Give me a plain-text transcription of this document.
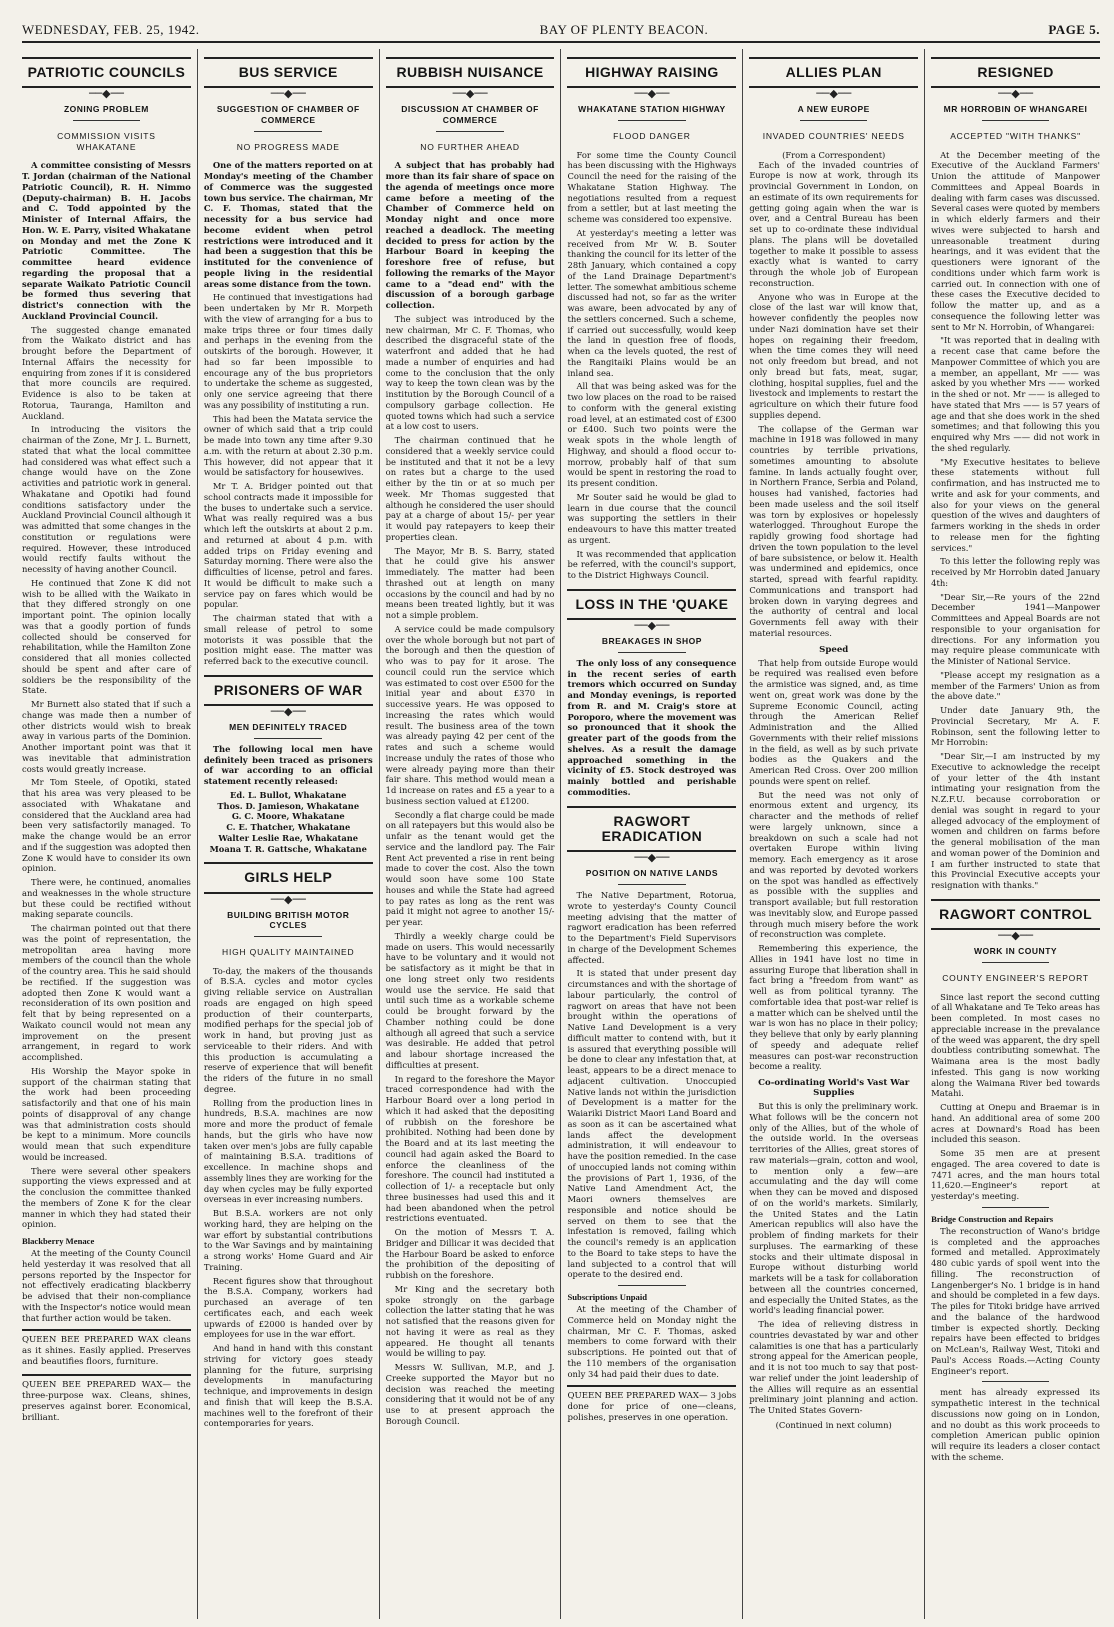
WEDNESDAY, FEB. 25, 1942.	BAY OF PLENTY BEACON.	PAGE 5.
PATRIOTIC COUNCILS
──◆──
ZONING PROBLEM
COMMISSION VISITS WHAKATANE

A committee consisting of Messrs T. Jordan (chairman of the National Patriotic Council), R. H. Nimmo (Deputy-chairman) B. H. Jacobs and C. Todd appointed by the Minister of Internal Affairs, the Hon. W. E. Parry, visited Whakatane on Monday and met the Zone K Patriotic Committee. The committee heard evidence regarding the proposal that a separate Waikato Patriotic Council be formed thus severing that district's connection with the Auckland Provincial Council.

The suggested change emanated from the Waikato district and has brought before the Department of Internal Affairs the necessity for enquiring from zones if it is considered that more councils are required. Evidence is also to be taken at Rotorua, Tauranga, Hamilton and Auckland.

In introducing the visitors the chairman of the Zone, Mr J. L. Burnett, stated that what the local committee had considered was what effect such a change would have on the Zone activities and patriotic work in general. Whakatane and Opotiki had found conditions satisfactory under the Auckland Provincial Council although it was admitted that some changes in the constitution or regulations were required. However, these introduced would rectify faults without the necessity of having another Council.

He continued that Zone K did not wish to be allied with the Waikato in that they differed strongly on one important point. The opinion locally was that a goodly portion of funds collected should be conserved for rehabilitation, while the Hamilton Zone considered that all monies collected should be spent and after care of soldiers be the responsibility of the State.

Mr Burnett also stated that if such a change was made then a number of other districts would wish to break away in various parts of the Dominion. Another important point was that it was inevitable that administration costs would greatly increase.

Mr Tom Steele, of Opotiki, stated that his area was very pleased to be associated with Whakatane and considered that the Auckland area had been very satisfactorily managed. To make the change would be an error and if the suggestion was adopted then Zone K would have to consider its own opinion.

There were, he continued, anomalies and weaknesses in the whole structure but these could be rectified without making separate councils.

The chairman pointed out that there was the point of representation, the metropolitan area having more members of the council than the whole of the country area. This he said should be rectified. If the suggestion was adopted then Zone K would want a reconsideration of its own position and felt that by being represented on a Waikato council would not mean any improvement on the present arrangement, in regard to work accomplished.

His Worship the Mayor spoke in support of the chairman stating that the work had been proceeding satisfactorily and that one of his main points of disapproval of any change was that administration costs should be kept to a minimum. More councils would mean that such expenditure would be increased.

There were several other speakers supporting the views expressed and at the conclusion the committee thanked the members of Zone K for the clear manner in which they had stated their opinion.

Blackberry Menace

At the meeting of the County Council held yesterday it was resolved that all persons reported by the Inspector for not effectively eradicating blackberry be advised that their non-compliance with the Inspector's notice would mean that further action would be taken.

QUEEN BEE PREPARED WAX cleans as it shines. Easily applied. Preserves and beautifies floors, furniture.

QUEEN BEE PREPARED WAX— the three-purpose wax. Cleans, shines, preserves against borer. Economical, brilliant.

BUS SERVICE
──◆──
SUGGESTION OF CHAMBER OF COMMERCE
NO PROGRESS MADE

One of the matters reported on at Monday's meeting of the Chamber of Commerce was the suggested town bus service. The chairman, Mr C. F. Thomas, stated that the necessity for a bus service had become evident when petrol restrictions were introduced and it had been a suggestion that this be instituted for the convenience of people living in the residential areas some distance from the town.

He continued that investigations had been undertaken by Mr R. Morpeth with the view of arranging for a bus to make trips three or four times daily and perhaps in the evening from the outskirts of the borough. However, it had so far been impossible to encourage any of the bus proprietors to undertake the scheme as suggested, only one service agreeing that there was any possibility of instituting a run.

This had been the Matata service the owner of which said that a trip could be made into town any time after 9.30 a.m. with the return at about 2.30 p.m. This however, did not appear that it would be satisfactory for housewives.

Mr T. A. Bridger pointed out that school contracts made it impossible for the buses to undertake such a service. What was really required was a bus which left the outskirts at about 2 p.m. and returned at about 4 p.m. with added trips on Friday evening and Saturday morning. There were also the difficulties of license, petrol and fares. It would be difficult to make such a service pay on fares which would be popular.

The chairman stated that with a small release of petrol to some motorists it was possible that the position might ease. The matter was referred back to the executive council.

PRISONERS OF WAR
──◆──
MEN DEFINITELY TRACED

The following local men have definitely been traced as prisoners of war according to an official statement recently released:

Ed. L. Bullot, Whakatane
Thos. D. Jamieson, Whakatane
G. C. Moore, Whakatane
C. E. Thatcher, Whakatane
Walter Leslie Rae, Whakatane
Moana T. R. Gattsche, Whakatane
GIRLS HELP
──◆──
BUILDING BRITISH MOTOR CYCLES
HIGH QUALITY MAINTAINED

To-day, the makers of the thousands of B.S.A. cycles and motor cycles giving reliable service on Australian roads are engaged on high speed production of their counterparts, modified perhaps for the special job of work in hand, but proving just as serviceable to their riders. And with this production is accumulating a reserve of experience that will benefit the riders of the future in no small degree.

Rolling from the production lines in hundreds, B.S.A. machines are now more and more the product of female hands, but the girls who have now taken over men's jobs are fully capable of maintaining B.S.A. traditions of excellence. In machine shops and assembly lines they are working for the day when cycles may be fully exported overseas in ever increasing numbers.

But B.S.A. workers are not only working hard, they are helping on the war effort by substantial contributions to the War Savings and by maintaining a strong works' Home Guard and Air Training.

Recent figures show that throughout the B.S.A. Company, workers had purchased an average of ten certificates each, and each week upwards of £2000 is handed over by employees for use in the war effort.

And hand in hand with this constant striving for victory goes steady planning for the future, surprising developments in manufacturing technique, and improvements in design and finish that will keep the B.S.A. machines well to the forefront of their contemporaries for years.

RUBBISH NUISANCE
──◆──
DISCUSSION AT CHAMBER OF COMMERCE
NO FURTHER AHEAD

A subject that has probably had more than its fair share of space on the agenda of meetings once more came before a meeting of the Chamber of Commerce held on Monday night and once more reached a deadlock. The meeting decided to press for action by the Harbour Board in keeping the foreshore free of refuse, but following the remarks of the Mayor came to a "dead end" with the discussion of a borough garbage collection.

The subject was introduced by the new chairman, Mr C. F. Thomas, who described the disgraceful state of the waterfront and added that he had made a number of enquiries and had come to the conclusion that the only way to keep the town clean was by the institution by the Borough Council of a compulsory garbage collection. He quoted towns which had such a service at a low cost to users.

The chairman continued that he considered that a weekly service could be instituted and that it not be a levy on rates but a charge to the used either by the tin or at so much per week. Mr Thomas suggested that although he considered the user should pay at a charge of about 15/- per year it would pay ratepayers to keep their properties clean.

The Mayor, Mr B. S. Barry, stated that he could give his answer immediately. The matter had been thrashed out at length on many occasions by the council and had by no means been treated lightly, but it was not a simple problem.

A service could be made compulsory over the whole borough but not part of the borough and then the question of who was to pay for it arose. The council could run the service which was estimated to cost over £500 for the initial year and about £370 in successive years. He was opposed to increasing the rates which would result. The business area of the town was already paying 42 per cent of the rates and such a scheme would increase unduly the rates of those who were already paying more than their fair share. This method would mean a 1d increase on rates and £5 a year to a business section valued at £1200.

Secondly a flat charge could be made on all ratepayers but this would also be unfair as the tenant would get the service and the landlord pay. The Fair Rent Act prevented a rise in rent being made to cover the cost. Also the town would soon have some 100 State houses and while the State had agreed to pay rates as long as the rent was paid it might not agree to another 15/- per year.

Thirdly a weekly charge could be made on users. This would necessarily have to be voluntary and it would not be satisfactory as it might be that in one long street only two residents would use the service. He said that until such time as a workable scheme could be brought forward by the Chamber nothing could be done although all agreed that such a service was desirable. He added that petrol and labour shortage increased the difficulties at present.

In regard to the foreshore the Mayor traced correspondence had with the Harbour Board over a long period in which it had asked that the depositing of rubbish on the foreshore be prohibited. Nothing had been done by the Board and at its last meeting the council had again asked the Board to enforce the cleanliness of the foreshore. The council had instituted a collection of 1/- a receptacle but only three businesses had used this and it had been abandoned when the petrol restrictions eventuated.

On the motion of Messrs T. A. Bridger and Dillicar it was decided that the Harbour Board be asked to enforce the prohibition of the depositing of rubbish on the foreshore.

Mr King and the secretary both spoke strongly on the garbage collection the latter stating that he was not satisfied that the reasons given for not having it were as real as they appeared. He thought all tenants would be willing to pay.

Messrs W. Sullivan, M.P., and J. Creeke supported the Mayor but no decision was reached the meeting considering that it would not be of any use to at present approach the Borough Council.

HIGHWAY RAISING
──◆──
WHAKATANE STATION HIGHWAY
FLOOD DANGER

For some time the County Council has been discussing with the Highways Council the need for the raising of the Whakatane Station Highway. The negotiations resulted from a request from a settler, but at last meeting the scheme was considered too expensive.

At yesterday's meeting a letter was received from Mr W. B. Souter thanking the council for its letter of the 28th January, which contained a copy of the Land Drainage Department's letter. The somewhat ambitious scheme discussed had not, so far as the writer was aware, been advocated by any of the settlers concerned. Such a scheme, if carried out successfully, would keep the land in question free of floods, when ca the levels quoted, the rest of the Rangitaiki Plains would be an inland sea.

All that was being asked was for the two low places on the road to be raised to conform with the general existing road level, at an estimated cost of £300 or £400. Such two points were the weak spots in the whole length of Highway, and should a flood occur to-morrow, probably half of that sum would be spent in restoring the road to its present condition.

Mr Souter said he would be glad to learn in due course that the council was supporting the settlers in their endeavours to have this matter treated as urgent.

It was recommended that application be referred, with the council's support, to the District Highways Council.

LOSS IN THE 'QUAKE
──◆──
BREAKAGES IN SHOP

The only loss of any consequence in the recent series of earth tremors which occurred on Sunday and Monday evenings, is reported from R. and M. Craig's store at Poroporo, where the movement was so pronounced that it shook the greater part of the goods from the shelves. As a result the damage approached something in the vicinity of £5. Stock destroyed was mainly bottled and perishable commodities.

RAGWORT ERADICATION
──◆──
POSITION ON NATIVE LANDS

The Native Department, Rotorua, wrote to yesterday's County Council meeting advising that the matter of ragwort eradication has been referred to the Department's Field Supervisors in charge of the Development Schemes affected.

It is stated that under present day circumstances and with the shortage of labour particularly, the control of ragwort on areas that have not been brought within the operations of Native Land Development is a very difficult matter to contend with, but it is assured that everything possible will be done to clear any infestation that, at least, appears to be a direct menace to adjacent cultivation. Unoccupied Native lands not within the jurisdiction of Development is a matter for the Waiariki District Maori Land Board and as soon as it can be ascertained what lands affect the development administration, it will endeavour to have the position remedied. In the case of unoccupied lands not coming within the provisions of Part 1, 1936, of the Native Land Amendment Act, the Maori owners themselves are responsible and notice should be served on them to see that the infestation is removed, failing which the council's remedy is an application to the Board to take steps to have the land subjected to a control that will operate to the desired end.

Subscriptions Unpaid

At the meeting of the Chamber of Commerce held on Monday night the chairman, Mr C. F. Thomas, asked members to come forward with their subscriptions. He pointed out that of the 110 members of the organisation only 34 had paid their dues to date.

QUEEN BEE PREPARED WAX— 3 jobs done for price of one—cleans, polishes, preserves in one operation.

ALLIES PLAN
──◆──
A NEW EUROPE
INVADED COUNTRIES' NEEDS
(From a Correspondent)

Each of the invaded countries of Europe is now at work, through its provincial Government in London, on an estimate of its own requirements for getting going again when the war is over, and a Central Bureau has been set up to co-ordinate these individual plans. The plans will be dovetailed together to make it possible to assess exactly what is wanted to carry through the whole job of European reconstruction.

Anyone who was in Europe at the close of the last war will know that, however confidently the peoples now under Nazi domination have set their hopes on regaining their freedom, when the time comes they will need not only freedom but bread, and not only bread but fats, meat, sugar, clothing, hospital supplies, fuel and the livestock and implements to restart the agriculture on which their future food supplies depend.

The collapse of the German war machine in 1918 was followed in many countries by terrible privations, sometimes amounting to absolute famine. In lands actually fought over, in Northern France, Serbia and Poland, houses had vanished, factories had been made useless and the soil itself was torn by explosives or hopelessly waterlogged. Throughout Europe the rapidly growing food shortage had driven the town population to the level of bare subsistence, or below it. Health was undermined and epidemics, once started, spread with fearful rapidity. Communications and transport had broken down in varying degrees and the authority of central and local Governments fell away with their material resources.

Speed

That help from outside Europe would be required was realised even before the armistice was signed, and, as time went on, great work was done by the Supreme Economic Council, acting through the American Relief Administration and the Allied Governments with their relief missions in the field, as well as by such private bodies as the Quakers and the American Red Cross. Over 200 million pounds were spent on relief.

But the need was not only of enormous extent and urgency, its character and the methods of relief were largely unknown, since a breakdown on such a scale had not overtaken Europe within living memory. Each emergency as it arose and was reported by devoted workers on the spot was handled as effectively as possible with the supplies and transport available; but full restoration was inevitably slow, and Europe passed through much misery before the work of reconstruction was complete.

Remembering this experience, the Allies in 1941 have lost no time in assuring Europe that liberation shall in fact bring a "freedom from want" as well as from political tyranny. The comfortable idea that post-war relief is a matter which can be shelved until the war is won has no place in their policy; they believe that only by early planning of speedy and adequate relief measures can post-war reconstruction become a reality.

Co-ordinating World's Vast War Supplies

But this is only the preliminary work. What follows will be the concern not only of the Allies, but of the whole of the outside world. In the overseas territories of the Allies, great stores of raw materials—grain, cotton and wool, to mention only a few—are accumulating and the day will come when they can be moved and disposed of on the world's markets. Similarly, the United States and the Latin American republics will also have the problem of finding markets for their surpluses. The earmarking of these stocks and their ultimate disposal in Europe without disturbing world markets will be a task for collaboration between all the countries concerned, and especially the United States, as the world's leading financial power.

The idea of relieving distress in countries devastated by war and other calamities is one that has a particularly strong appeal for the American people, and it is not too much to say that post-war relief under the joint leadership of the Allies will require as an essential preliminary joint planning and action. The United States Govern-

(Continued in next column)
RESIGNED
──◆──
MR HORROBIN OF WHANGAREI
ACCEPTED "WITH THANKS"

At the December meeting of the Executive of the Auckland Farmers' Union the attitude of Manpower Committees and Appeal Boards in dealing with farm cases was discussed. Several cases were quoted by members in which elderly farmers and their wives were subjected to harsh and unreasonable treatment during hearings, and it was evident that the questioners were ignorant of the conditions under which farm work is carried out. In connection with one of these cases the Executive decided to follow the matter up, and as a consequence the following letter was sent to Mr N. Horrobin, of Whangarei:

"It was reported that in dealing with a recent case that came before the Manpower Committee of which you are a member, an appellant, Mr —— was asked by you whether Mrs —— worked in the shed or not. Mr —— is alleged to have stated that Mrs —— is 57 years of age and that she does work in the shed sometimes; and that following this you enquired why Mrs —— did not work in the shed regularly.

"My Executive hesitates to believe these statements without full confirmation, and has instructed me to write and ask for your comments, and also for your views on the general question of the wives and daughters of farmers working in the sheds in order to release men for the fighting services."

To this letter the following reply was received by Mr Horrobin dated January 4th:

"Dear Sir,—Re yours of the 22nd December 1941—Manpower Committees and Appeal Boards are not responsible to your organisation for directions. For any information you may require please communicate with the Minister of National Service.

"Please accept my resignation as a member of the Farmers' Union as from the above date."

Under date January 9th, the Provincial Secretary, Mr A. F. Robinson, sent the following letter to Mr Horrobin:

"Dear Sir,—I am instructed by my Executive to acknowledge the receipt of your letter of the 4th instant intimating your resignation from the N.Z.F.U. because corroboration or denial was sought in regard to your alleged advocacy of the employment of women and children on farms before the general mobilisation of the man and woman power of the Dominion and I am further instructed to state that this Provincial Executive accepts your resignation with thanks."

RAGWORT CONTROL
──◆──
WORK IN COUNTY
COUNTY ENGINEER'S REPORT

Since last report the second cutting of all Whakatane and Te Teko areas has been completed. In most cases no appreciable increase in the prevalance of the weed was apparent, the dry spell doubtless contributing somewhat. The Waimana area is the most badly infested. This gang is now working along the Waimana River bed towards Matahi.

Cutting at Onepu and Braemar is in hand. An additional area of some 200 acres at Downard's Road has been included this season.

Some 35 men are at present engaged. The area covered to date is 7471 acres, and the man hours total 11,620.—Engineer's report at yesterday's meeting.

Bridge Construction and Repairs

The reconstruction of Wano's bridge is completed and the approaches formed and metalled. Approximately 480 cubic yards of spoil went into the filling. The reconstruction of Langenberger's No. 1 bridge is in hand and should be completed in a few days. The piles for Titoki bridge have arrived and the balance of the hardwood timber is expected shortly. Decking repairs have been effected to bridges on McLean's, Railway West, Titoki and Paul's Access Roads.—Acting County Engineer's report.

ment has already expressed its sympathetic interest in the technical discussions now going on in London, and no doubt as this work proceeds to completion American public opinion will require its leaders a closer contact with the scheme.
